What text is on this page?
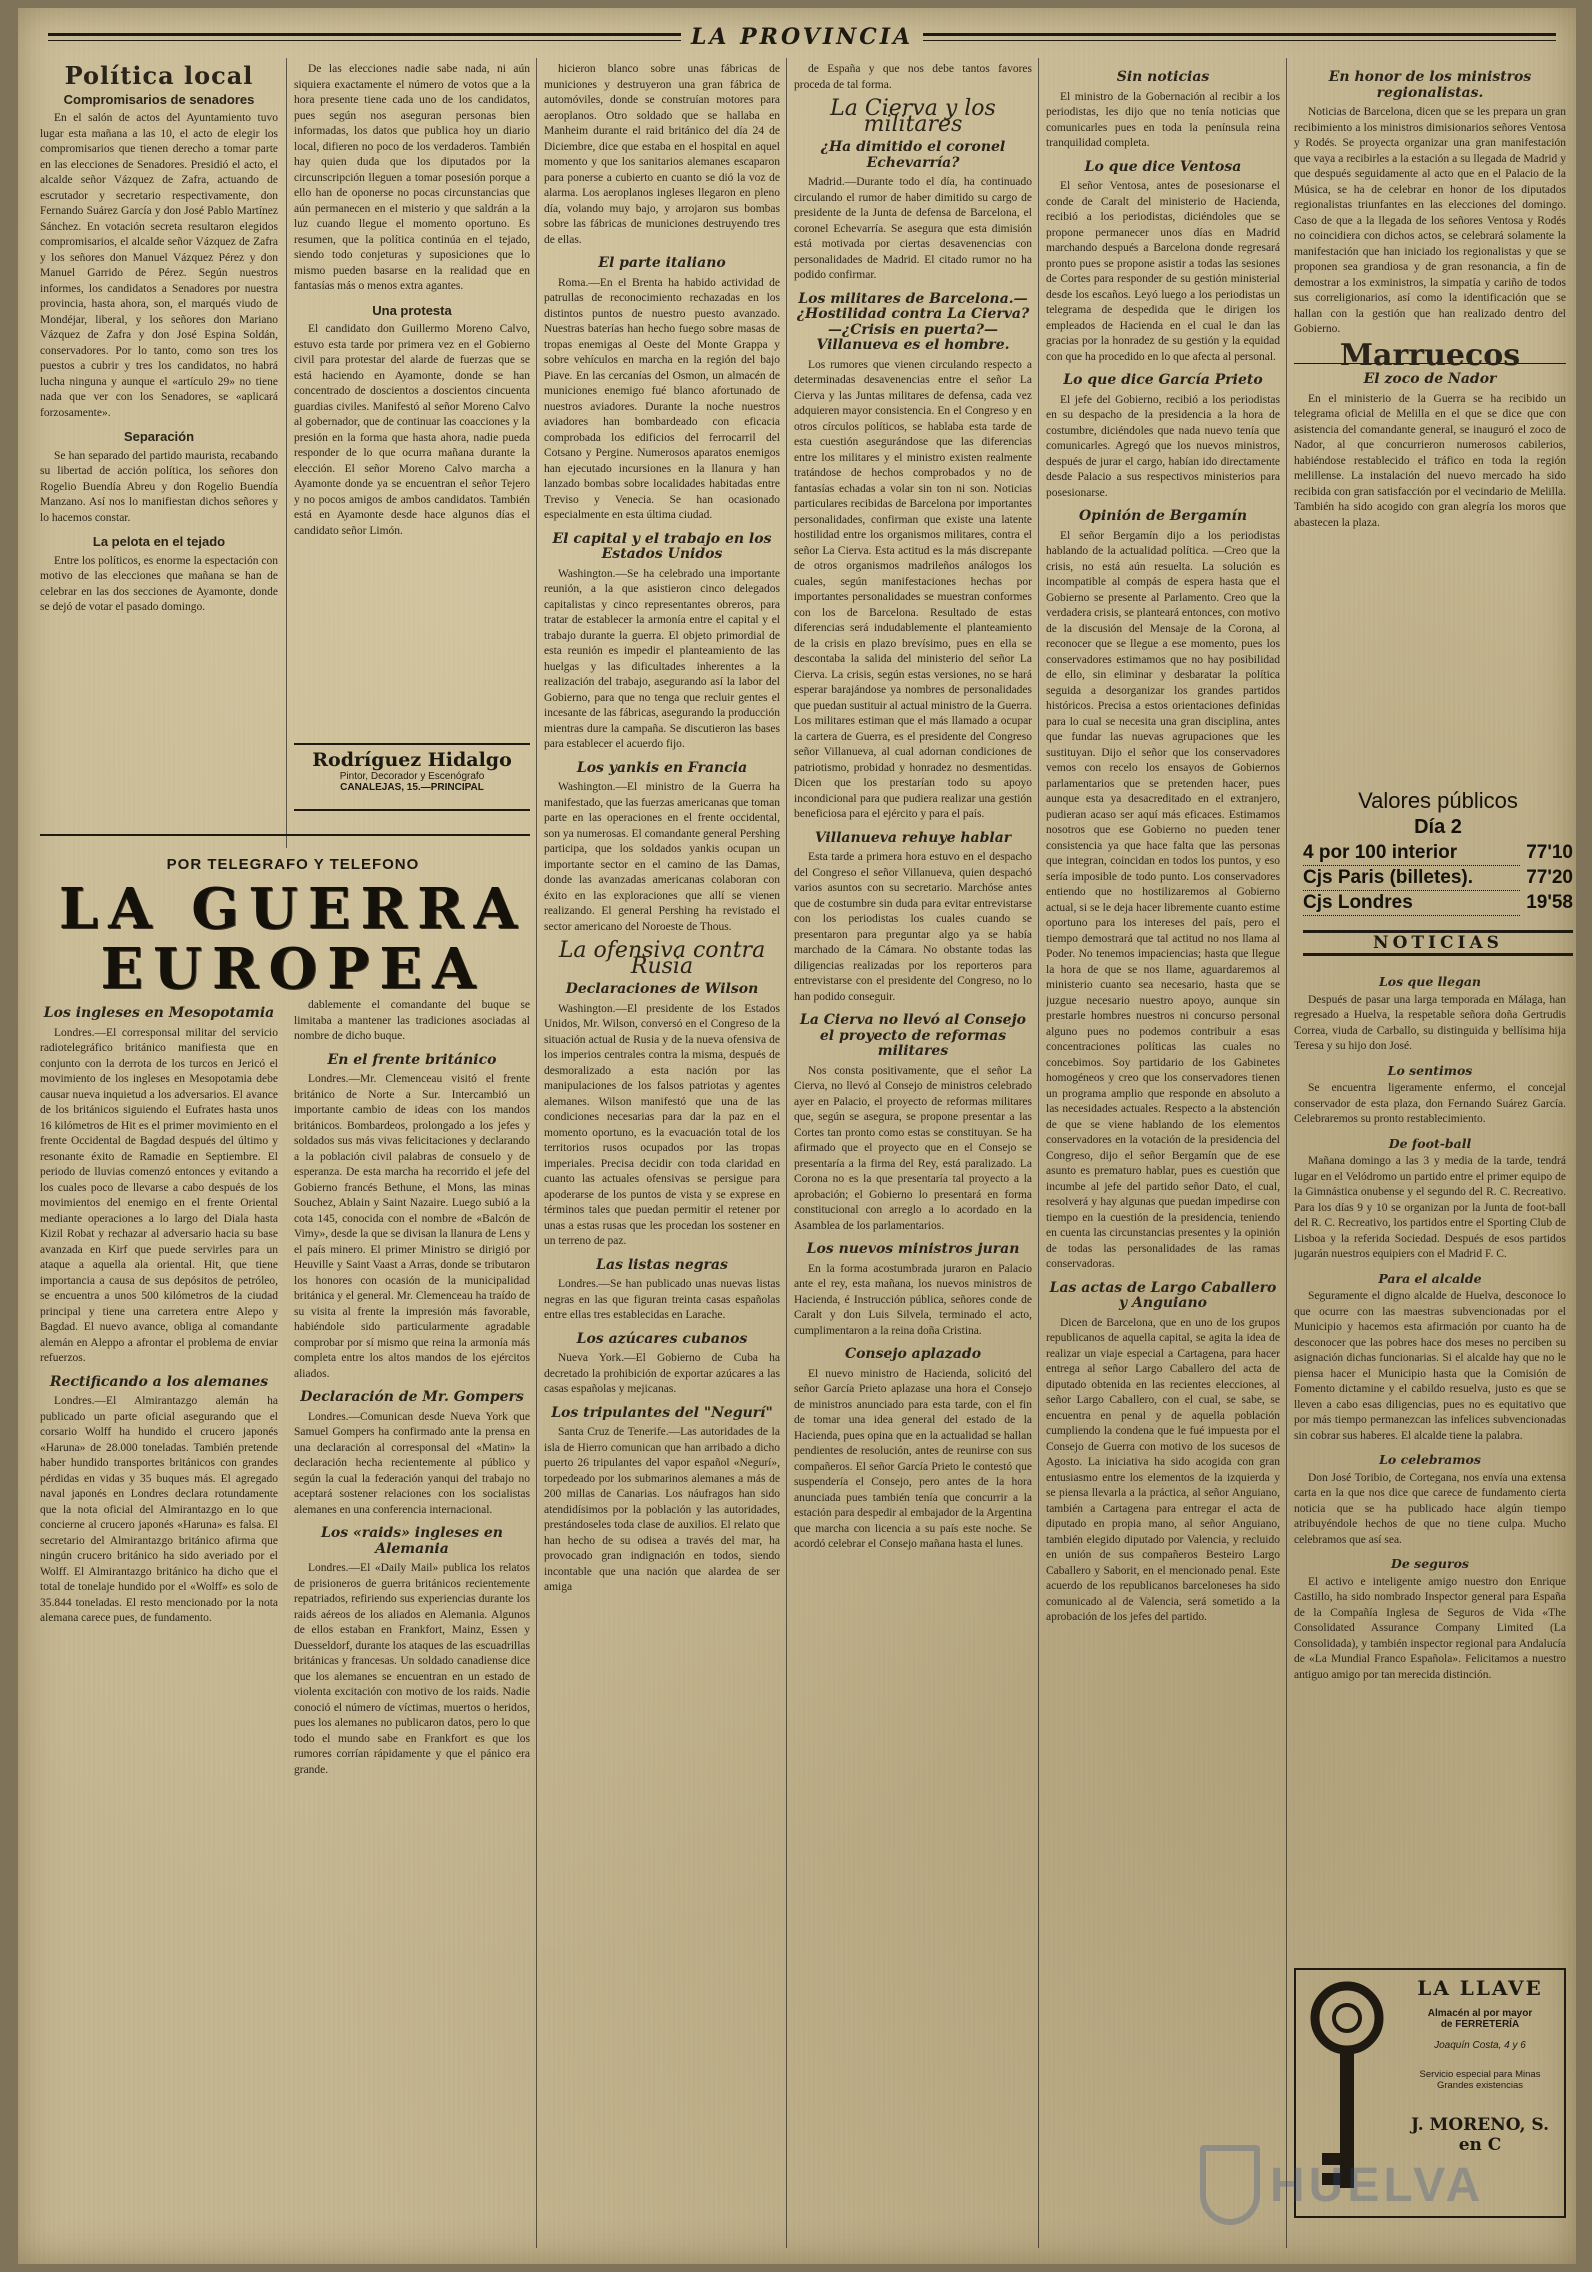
LA PROVINCIA
Política local
Compromisarios de senadores

En el salón de actos del Ayuntamiento tuvo lugar esta mañana a las 10, el acto de elegir los compromisarios que tienen derecho a tomar parte en las elecciones de Senadores. Presidió el acto, el alcalde señor Vázquez de Zafra, actuando de escrutador y secretario respectivamente, don Fernando Suárez García y don José Pablo Martínez Sánchez. En votación secreta resultaron elegidos compromisarios, el alcalde señor Vázquez de Zafra y los señores don Manuel Vázquez Pérez y don Manuel Garrido de Pérez. Según nuestros informes, los candidatos a Senadores por nuestra provincia, hasta ahora, son, el marqués viudo de Mondéjar, liberal, y los señores don Mariano Vázquez de Zafra y don José Espina Soldán, conservadores. Por lo tanto, como son tres los puestos a cubrir y tres los candidatos, no habrá lucha ninguna y aunque el «artículo 29» no tiene nada que ver con los Senadores, se «aplicará forzosamente».

Separación

Se han separado del partido maurista, recabando su libertad de acción política, los señores don Rogelio Buendía Abreu y don Rogelio Buendía Manzano. Así nos lo manifiestan dichos señores y lo hacemos constar.

La pelota en el tejado

Entre los políticos, es enorme la espectación con motivo de las elecciones que mañana se han de celebrar en las dos secciones de Ayamonte, donde se dejó de votar el pasado domingo.

De las elecciones nadie sabe nada, ni aún siquiera exactamente el número de votos que a la hora presente tiene cada uno de los candidatos, pues según nos aseguran personas bien informadas, los datos que publica hoy un diario local, difieren no poco de los verdaderos. También hay quien duda que los diputados por la circunscripción lleguen a tomar posesión porque a ello han de oponerse no pocas circunstancias que aún permanecen en el misterio y que saldrán a la luz cuando llegue el momento oportuno. Es resumen, que la política continúa en el tejado, siendo todo conjeturas y suposiciones que lo mismo pueden basarse en la realidad que en fantasías más o menos extra agantes.

Una protesta

El candidato don Guillermo Moreno Calvo, estuvo esta tarde por primera vez en el Gobierno civil para protestar del alarde de fuerzas que se está haciendo en Ayamonte, donde se han concentrado de doscientos a doscientos cincuenta guardias civiles. Manifestó al señor Moreno Calvo al gobernador, que de continuar las coacciones y la presión en la forma que hasta ahora, nadie pueda responder de lo que ocurra mañana durante la elección. El señor Moreno Calvo marcha a Ayamonte donde ya se encuentran el señor Tejero y no pocos amigos de ambos candidatos. También está en Ayamonte desde hace algunos días el candidato señor Limón.

Rodríguez Hidalgo
Pintor, Decorador y Escenógrafo
CANALEJAS, 15.—PRINCIPAL
POR TELEGRAFO Y TELEFONO
LA GUERRA
EUROPEA
Los ingleses en Mesopotamia

Londres.—El corresponsal militar del servicio radiotelegráfico británico manifiesta que en conjunto con la derrota de los turcos en Jericó el movimiento de los ingleses en Mesopotamia debe causar nueva inquietud a los adversarios. El avance de los británicos siguiendo el Eufrates hasta unos 16 kilómetros de Hit es el primer movimiento en el frente Occidental de Bagdad después del último y resonante éxito de Ramadie en Septiembre. El periodo de lluvias comenzó entonces y evitando a los cuales poco de llevarse a cabo después de los movimientos del enemigo en el frente Oriental mediante operaciones a lo largo del Diala hasta Kizil Robat y rechazar al adversario hacia su base avanzada en Kirf que puede servirles para un ataque a aquella ala oriental. Hit, que tiene importancia a causa de sus depósitos de petróleo, se encuentra a unos 500 kilómetros de la ciudad principal y tiene una carretera entre Alepo y Bagdad. El nuevo avance, obliga al comandante alemán en Aleppo a afrontar el problema de enviar refuerzos.

Rectificando a los alemanes

Londres.—El Almirantazgo alemán ha publicado un parte oficial asegurando que el corsario Wolff ha hundido el crucero japonés «Haruna» de 28.000 toneladas. También pretende haber hundido transportes británicos con grandes pérdidas en vidas y 35 buques más. El agregado naval japonés en Londres declara rotundamente que la nota oficial del Almirantazgo en lo que concierne al crucero japonés «Haruna» es falsa. El secretario del Almirantazgo británico afirma que ningún crucero británico ha sido averiado por el Wolff. El Almirantazgo británico ha dicho que el total de tonelaje hundido por el «Wolff» es solo de 35.844 toneladas. El resto mencionado por la nota alemana carece pues, de fundamento.

dablemente el comandante del buque se limitaba a mantener las tradiciones asociadas al nombre de dicho buque.

En el frente británico

Londres.—Mr. Clemenceau visitó el frente británico de Norte a Sur. Intercambió un importante cambio de ideas con los mandos británicos. Bombardeos, prolongado a los jefes y soldados sus más vivas felicitaciones y declarando a la población civil palabras de consuelo y de esperanza. De esta marcha ha recorrido el jefe del Gobierno francés Bethune, el Mons, las minas Souchez, Ablain y Saint Nazaire. Luego subió a la cota 145, conocida con el nombre de «Balcón de Vimy», desde la que se divisan la llanura de Lens y el país minero. El primer Ministro se dirigió por Heuville y Saint Vaast a Arras, donde se tributaron los honores con ocasión de la municipalidad británica y el general. Mr. Clemenceau ha traído de su visita al frente la impresión más favorable, habiéndole sido particularmente agradable comprobar por sí mismo que reina la armonía más completa entre los altos mandos de los ejércitos aliados.

Declaración de Mr. Gompers

Londres.—Comunican desde Nueva York que Samuel Gompers ha confirmado ante la prensa en una declaración al corresponsal del «Matin» la declaración hecha recientemente al público y según la cual la federación yanqui del trabajo no aceptará sostener relaciones con los socialistas alemanes en una conferencia internacional.

Los «raids» ingleses en Alemania

Londres.—El «Daily Mail» publica los relatos de prisioneros de guerra británicos recientemente repatriados, refiriendo sus experiencias durante los raids aéreos de los aliados en Alemania. Algunos de ellos estaban en Frankfort, Mainz, Essen y Duesseldorf, durante los ataques de las escuadrillas británicas y francesas. Un soldado canadiense dice que los alemanes se encuentran en un estado de violenta excitación con motivo de los raids. Nadie conoció el número de víctimas, muertos o heridos, pues los alemanes no publicaron datos, pero lo que todo el mundo sabe en Frankfort es que los rumores corrían rápidamente y que el pánico era grande.

hicieron blanco sobre unas fábricas de municiones y destruyeron una gran fábrica de automóviles, donde se construían motores para aeroplanos. Otro soldado que se hallaba en Manheim durante el raid británico del día 24 de Diciembre, dice que estaba en el hospital en aquel momento y que los sanitarios alemanes escaparon para ponerse a cubierto en cuanto se dió la voz de alarma. Los aeroplanos ingleses llegaron en pleno día, volando muy bajo, y arrojaron sus bombas sobre las fábricas de municiones destruyendo tres de ellas.

El parte italiano

Roma.—En el Brenta ha habido actividad de patrullas de reconocimiento rechazadas en los distintos puntos de nuestro puesto avanzado. Nuestras baterías han hecho fuego sobre masas de tropas enemigas al Oeste del Monte Grappa y sobre vehículos en marcha en la región del bajo Piave. En las cercanías del Osmon, un almacén de municiones enemigo fué blanco afortunado de nuestros aviadores. Durante la noche nuestros aviadores han bombardeado con eficacia comprobada los edificios del ferrocarril del Cotsano y Pergine. Numerosos aparatos enemigos han ejecutado incursiones en la llanura y han lanzado bombas sobre localidades habitadas entre Treviso y Venecia. Se han ocasionado especialmente en esta última ciudad.

El capital y el trabajo en los Estados Unidos

Washington.—Se ha celebrado una importante reunión, a la que asistieron cinco delegados capitalistas y cinco representantes obreros, para tratar de establecer la armonía entre el capital y el trabajo durante la guerra. El objeto primordial de esta reunión es impedir el planteamiento de las huelgas y las dificultades inherentes a la realización del trabajo, asegurando así la labor del Gobierno, para que no tenga que recluir gentes el incesante de las fábricas, asegurando la producción mientras dure la campaña. Se discutieron las bases para establecer el acuerdo fijo.

Los yankis en Francia

Washington.—El ministro de la Guerra ha manifestado, que las fuerzas americanas que toman parte en las operaciones en el frente occidental, son ya numerosas. El comandante general Pershing participa, que los soldados yankis ocupan un importante sector en el camino de las Damas, donde las avanzadas americanas colaboran con éxito en las exploraciones que allí se vienen realizando. El general Pershing ha revistado el sector americano del Noroeste de Thous.

La ofensiva contra Rusia
Declaraciones de Wilson

Washington.—El presidente de los Estados Unidos, Mr. Wilson, conversó en el Congreso de la situación actual de Rusia y de la nueva ofensiva de los imperios centrales contra la misma, después de desmoralizado a esta nación por las manipulaciones de los falsos patriotas y agentes alemanes. Wilson manifestó que una de las condiciones necesarias para dar la paz en el momento oportuno, es la evacuación total de los territorios rusos ocupados por las tropas imperiales. Precisa decidir con toda claridad en cuanto las actuales ofensivas se persigue para apoderarse de los puntos de vista y se exprese en términos tales que puedan permitir el retener por unas a estas rusas que les procedan los sostener en un terreno de paz.

Las listas negras

Londres.—Se han publicado unas nuevas listas negras en las que figuran treinta casas españolas entre ellas tres establecidas en Larache.

Los azúcares cubanos

Nueva York.—El Gobierno de Cuba ha decretado la prohibición de exportar azúcares a las casas españolas y mejicanas.

Los tripulantes del "Negurí"

Santa Cruz de Tenerife.—Las autoridades de la isla de Hierro comunican que han arribado a dicho puerto 26 tripulantes del vapor español «Negurí», torpedeado por los submarinos alemanes a más de 200 millas de Canarias. Los náufragos han sido atendidísimos por la población y las autoridades, prestándoseles toda clase de auxilios. El relato que han hecho de su odisea a través del mar, ha provocado gran indignación en todos, siendo incontable que una nación que alardea de ser amiga

de España y que nos debe tantos favores proceda de tal forma.

La Cierva y los militares
¿Ha dimitido el coronel Echevarría?

Madrid.—Durante todo el día, ha continuado circulando el rumor de haber dimitido su cargo de presidente de la Junta de defensa de Barcelona, el coronel Echevarría. Se asegura que esta dimisión está motivada por ciertas desavenencias con personalidades de Madrid. El citado rumor no ha podido confirmar.

Los militares de Barcelona.—¿Hostilidad contra La Cierva?—¿Crisis en puerta?—Villanueva es el hombre.

Los rumores que vienen circulando respecto a determinadas desavenencias entre el señor La Cierva y las Juntas militares de defensa, cada vez adquieren mayor consistencia. En el Congreso y en otros círculos políticos, se hablaba esta tarde de esta cuestión asegurándose que las diferencias entre los militares y el ministro existen realmente tratándose de hechos comprobados y no de fantasías echadas a volar sin ton ni son. Noticias particulares recibidas de Barcelona por importantes personalidades, confirman que existe una latente hostilidad entre los organismos militares, contra el señor La Cierva. Esta actitud es la más discrepante de otros organismos madrileños análogos los cuales, según manifestaciones hechas por importantes personalidades se muestran conformes con los de Barcelona. Resultado de estas diferencias será indudablemente el planteamiento de la crisis en plazo brevísimo, pues en ella se descontaba la salida del ministerio del señor La Cierva. La crisis, según estas versiones, no se hará esperar barajándose ya nombres de personalidades que puedan sustituir al actual ministro de la Guerra. Los militares estiman que el más llamado a ocupar la cartera de Guerra, es el presidente del Congreso señor Villanueva, al cual adornan condiciones de patriotismo, probidad y honradez no desmentidas. Dicen que los prestarían todo su apoyo incondicional para que pudiera realizar una gestión beneficiosa para el ejército y para el país.

Villanueva rehuye hablar

Esta tarde a primera hora estuvo en el despacho del Congreso el señor Villanueva, quien despachó varios asuntos con su secretario. Marchóse antes que de costumbre sin duda para evitar entrevistarse con los periodistas los cuales cuando se presentaron para preguntar algo ya se había marchado de la Cámara. No obstante todas las diligencias realizadas por los reporteros para entrevistarse con el presidente del Congreso, no lo han podido conseguir.

La Cierva no llevó al Consejo el proyecto de reformas militares

Nos consta positivamente, que el señor La Cierva, no llevó al Consejo de ministros celebrado ayer en Palacio, el proyecto de reformas militares que, según se asegura, se propone presentar a las Cortes tan pronto como estas se constituyan. Se ha afirmado que el proyecto que en el Consejo se presentaría a la firma del Rey, está paralizado. La Corona no es la que presentaría tal proyecto a la aprobación; el Gobierno lo presentará en forma constitucional con arreglo a lo acordado en la Asamblea de los parlamentarios.

Los nuevos ministros juran

En la forma acostumbrada juraron en Palacio ante el rey, esta mañana, los nuevos ministros de Hacienda, é Instrucción pública, señores conde de Caralt y don Luis Silvela, terminado el acto, cumplimentaron a la reina doña Cristina.

Consejo aplazado

El nuevo ministro de Hacienda, solicitó del señor García Prieto aplazase una hora el Consejo de ministros anunciado para esta tarde, con el fin de tomar una idea general del estado de la Hacienda, pues opina que en la actualidad se hallan pendientes de resolución, antes de reunirse con sus compañeros. El señor García Prieto le contestó que suspendería el Consejo, pero antes de la hora anunciada pues también tenía que concurrir a la estación para despedir al embajador de la Argentina que marcha con licencia a su país este noche. Se acordó celebrar el Consejo mañana hasta el lunes.

Sin noticias

El ministro de la Gobernación al recibir a los periodistas, les dijo que no tenía noticias que comunicarles pues en toda la península reina tranquilidad completa.

Lo que dice Ventosa

El señor Ventosa, antes de posesionarse el conde de Caralt del ministerio de Hacienda, recibió a los periodistas, diciéndoles que se propone permanecer unos días en Madrid marchando después a Barcelona donde regresará pronto pues se propone asistir a todas las sesiones de Cortes para responder de su gestión ministerial desde los escaños. Leyó luego a los periodistas un telegrama de despedida que le dirigen los empleados de Hacienda en el cual le dan las gracias por la honradez de su gestión y la equidad con que ha procedido en lo que afecta al personal.

Lo que dice García Prieto

El jefe del Gobierno, recibió a los periodistas en su despacho de la presidencia a la hora de costumbre, diciéndoles que nada nuevo tenía que comunicarles. Agregó que los nuevos ministros, después de jurar el cargo, habían ido directamente desde Palacio a sus respectivos ministerios para posesionarse.

Opinión de Bergamín

El señor Bergamín dijo a los periodistas hablando de la actualidad política. —Creo que la crisis, no está aún resuelta. La solución es incompatible al compás de espera hasta que el Gobierno se presente al Parlamento. Creo que la verdadera crisis, se planteará entonces, con motivo de la discusión del Mensaje de la Corona, al reconocer que se llegue a ese momento, pues los conservadores estimamos que no hay posibilidad de ello, sin eliminar y desbaratar la política seguida a desorganizar los grandes partidos históricos. Precisa a estos orientaciones definidas para lo cual se necesita una gran disciplina, antes que fundar las nuevas agrupaciones que les sustituyan. Dijo el señor que los conservadores vemos con recelo los ensayos de Gobiernos parlamentarios que se pretenden hacer, pues aunque esta ya desacreditado en el extranjero, pudieran acaso ser aquí más eficaces. Estimamos nosotros que ese Gobierno no pueden tener consistencia ya que hace falta que las personas que integran, coincidan en todos los puntos, y eso sería imposible de todo punto. Los conservadores entiendo que no hostilizaremos al Gobierno actual, si se le deja hacer libremente cuanto estime oportuno para los intereses del país, pero el tiempo demostrará que tal actitud no nos llama al Poder. No tenemos impaciencias; hasta que llegue la hora de que se nos llame, aguardaremos al ministerio cuanto sea necesario, hasta que se juzgue necesario nuestro apoyo, aunque sin prestarle hombres nuestros ni concurso personal alguno pues no podemos contribuir a esas concentraciones políticas las cuales no concebimos. Soy partidario de los Gabinetes homogéneos y creo que los conservadores tienen un programa amplio que responde en absoluto a las necesidades actuales. Respecto a la abstención de que se viene hablando de los elementos conservadores en la votación de la presidencia del Congreso, dijo el señor Bergamín que de ese asunto es prematuro hablar, pues es cuestión que incumbe al jefe del partido señor Dato, el cual, resolverá y hay algunas que puedan impedirse con tiempo en la cuestión de la presidencia, teniendo en cuenta las circunstancias presentes y la opinión de todas las personalidades de las ramas conservadoras.

Las actas de Largo Caballero y Anguiano

Dicen de Barcelona, que en uno de los grupos republicanos de aquella capital, se agita la idea de realizar un viaje especial a Cartagena, para hacer entrega al señor Largo Caballero del acta de diputado obtenida en las recientes elecciones, al señor Largo Caballero, con el cual, se sabe, se encuentra en penal y de aquella población cumpliendo la condena que le fué impuesta por el Consejo de Guerra con motivo de los sucesos de Agosto. La iniciativa ha sido acogida con gran entusiasmo entre los elementos de la izquierda y se piensa llevarla a la práctica, al señor Anguiano, también a Cartagena para entregar el acta de diputado en propia mano, al señor Anguiano, también elegido diputado por Valencia, y recluido en unión de sus compañeros Besteiro Largo Caballero y Saborit, en el mencionado penal. Este acuerdo de los republicanos barceloneses ha sido comunicado al de Valencia, será sometido a la aprobación de los jefes del partido.

En honor de los ministros regionalistas.

Noticias de Barcelona, dicen que se les prepara un gran recibimiento a los ministros dimisionarios señores Ventosa y Rodés. Se proyecta organizar una gran manifestación que vaya a recibirles a la estación a su llegada de Madrid y que después seguidamente al acto que en el Palacio de la Música, se ha de celebrar en honor de los diputados regionalistas triunfantes en las elecciones del domingo. Caso de que a la llegada de los señores Ventosa y Rodés no coincidiera con dichos actos, se celebrará solamente la manifestación que han iniciado los regionalistas y que se proponen sea grandiosa y de gran resonancia, a fin de demostrar a los exministros, la simpatía y cariño de todos sus correligionarios, así como la identificación que se hallan con la gestión que han realizado dentro del Gobierno.

Marruecos
El zoco de Nador

En el ministerio de la Guerra se ha recibido un telegrama oficial de Melilla en el que se dice que con asistencia del comandante general, se inauguró el zoco de Nador, al que concurrieron numerosos cabilerios, habiéndose restablecido el tráfico en toda la región melillense. La instalación del nuevo mercado ha sido recibida con gran satisfacción por el vecindario de Melilla. También ha sido acogido con gran alegría los moros que abastecen la plaza.

Valores públicos
Día 2
4 por 100 interior	77'10
Cjs Paris (billetes).	77'20
Cjs Londres	19'58
NOTICIAS
Los que llegan

Después de pasar una larga temporada en Málaga, han regresado a Huelva, la respetable señora doña Gertrudis Correa, viuda de Carballo, su distinguida y bellísima hija Teresa y su hijo don José.

Lo sentimos

Se encuentra ligeramente enfermo, el concejal conservador de esta plaza, don Fernando Suárez García. Celebraremos su pronto restablecimiento.

De foot-ball

Mañana domingo a las 3 y media de la tarde, tendrá lugar en el Velódromo un partido entre el primer equipo de la Gimnástica onubense y el segundo del R. C. Recreativo. Para los días 9 y 10 se organizan por la Junta de foot-ball del R. C. Recreativo, los partidos entre el Sporting Club de Lisboa y la referida Sociedad. Después de esos partidos jugarán nuestros equipiers con el Madrid F. C.

Para el alcalde

Seguramente el digno alcalde de Huelva, desconoce lo que ocurre con las maestras subvencionadas por el Municipio y hacemos esta afirmación por cuanto ha de desconocer que las pobres hace dos meses no perciben su asignación dichas funcionarias. Si el alcalde hay que no le piensa hacer el Municipio hasta que la Comisión de Fomento dictamine y el cabildo resuelva, justo es que se lleven a cabo esas diligencias, pues no es equitativo que por más tiempo permanezcan las infelices subvencionadas sin cobrar sus haberes. El alcalde tiene la palabra.

Lo celebramos

Don José Toribio, de Cortegana, nos envía una extensa carta en la que nos dice que carece de fundamento cierta noticia que se ha publicado hace algún tiempo atribuyéndole hechos de que no tiene culpa. Mucho celebramos que así sea.

De seguros

El activo e inteligente amigo nuestro don Enrique Castillo, ha sido nombrado Inspector general para España de la Compañía Inglesa de Seguros de Vida «The Consolidated Assurance Company Limited (La Consolidada), y también inspector regional para Andalucía de «La Mundial Franco Española». Felicitamos a nuestro antiguo amigo por tan merecida distinción.

LA LLAVE
Almacén al por mayor
de FERRETERÍA
Joaquín Costa, 4 y 6
Servicio especial para Minas
Grandes existencias
J. MORENO, S. en C
HUELVA
